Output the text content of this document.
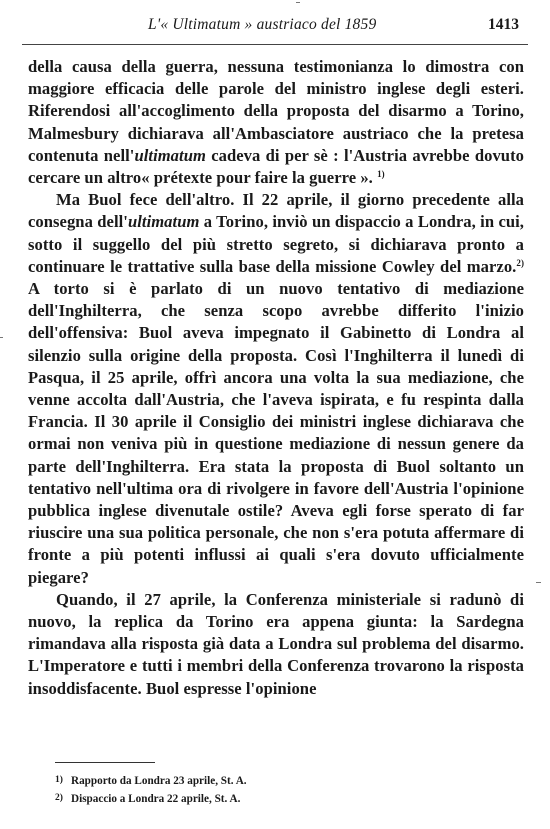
L'« Ultimatum » austriaco del 1859	1413

della causa della guerra, nessuna testimonianza lo dimostra con maggiore efficacia delle parole del ministro inglese degli esteri. Riferendosi all'accoglimento della proposta del disarmo a Torino, Malmesbury dichiarava all'Ambasciatore austriaco che la pretesa contenuta nell'ultimatum cadeva di per sè : l'Austria avrebbe dovuto cercare un altro« prétexte pour faire la guerre ». $^{1)}$

Ma Buol fece dell'altro. Il 22 aprile, il giorno precedente alla consegna dell'ultimatum a Torino, inviò un dispaccio a Londra, in cui, sotto il suggello del più stretto segreto, si dichiarava pronto a continuare le trattative sulla base della missione Cowley del marzo.$^{2)}$ A torto si è parlato di un nuovo tentativo di mediazione dell'Inghilterra, che senza scopo avrebbe differito l'inizio dell'offensiva: Buol aveva impegnato il Gabinetto di Londra al silenzio sulla origine della proposta. Così l'Inghilterra il lunedì di Pasqua, il 25 aprile, offrì ancora una volta la sua mediazione, che venne accolta dall'Austria, che l'aveva ispirata, e fu respinta dalla Francia. Il 30 aprile il Consiglio dei ministri inglese dichiarava che ormai non veniva più in questione mediazione di nessun genere da parte dell'Inghilterra. Era stata la proposta di Buol soltanto un tentativo nell'ultima ora di rivolgere in favore dell'Austria l'opinione pubblica inglese divenutale ostile? Aveva egli forse sperato di far riuscire una sua politica personale, che non s'era potuta affermare di fronte a più potenti influssi ai quali s'era dovuto ufficialmente piegare?

Quando, il 27 aprile, la Conferenza ministeriale si radunò di nuovo, la replica da Torino era appena giunta: la Sardegna rimandava alla risposta già data a Londra sul problema del disarmo. L'Imperatore e tutti i membri della Conferenza trovarono la risposta insoddisfacente. Buol espresse l'opinione

1) Rapporto da Londra 23 aprile, St. A.
2) Dispaccio a Londra 22 aprile, St. A.
